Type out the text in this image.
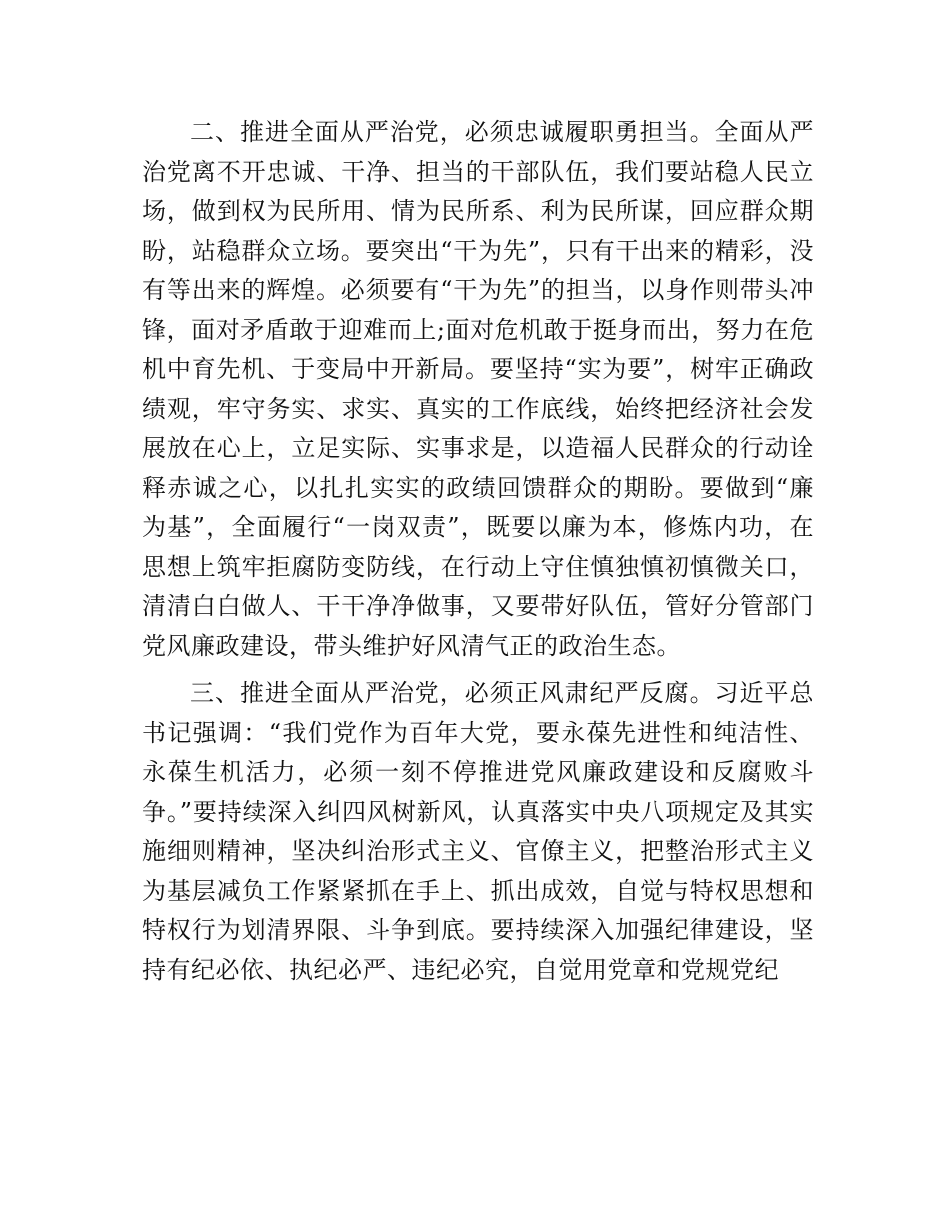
二、推进全面从严治党，必须忠诚履职勇担当。全面从严治党离不开忠诚、干净、担当的干部队伍，我们要站稳人民立场，做到权为民所用、情为民所系、利为民所谋，回应群众期盼，站稳群众立场。要突出“干为先”，只有干出来的精彩，没有等出来的辉煌。必须要有“干为先”的担当，以身作则带头冲锋，面对矛盾敢于迎难而上;面对危机敢于挺身而出，努力在危机中育先机、于变局中开新局。要坚持“实为要”，树牢正确政绩观，牢守务实、求实、真实的工作底线，始终把经济社会发展放在心上，立足实际、实事求是，以造福人民群众的行动诠释赤诚之心，以扎扎实实的政绩回馈群众的期盼。要做到“廉为基”，全面履行“一岗双责”，既要以廉为本，修炼内功，在思想上筑牢拒腐防变防线，在行动上守住慎独慎初慎微关口，清清白白做人、干干净净做事，又要带好队伍，管好分管部门党风廉政建设，带头维护好风清气正的政治生态。

三、推进全面从严治党，必须正风肃纪严反腐。习近平总书记强调：“我们党作为百年大党，要永葆先进性和纯洁性、永葆生机活力，必须一刻不停推进党风廉政建设和反腐败斗争。”要持续深入纠四风树新风，认真落实中央八项规定及其实施细则精神，坚决纠治形式主义、官僚主义，把整治形式主义为基层减负工作紧紧抓在手上、抓出成效，自觉与特权思想和特权行为划清界限、斗争到底。要持续深入加强纪律建设，坚持有纪必依、执纪必严、违纪必究，自觉用党章和党规党纪
